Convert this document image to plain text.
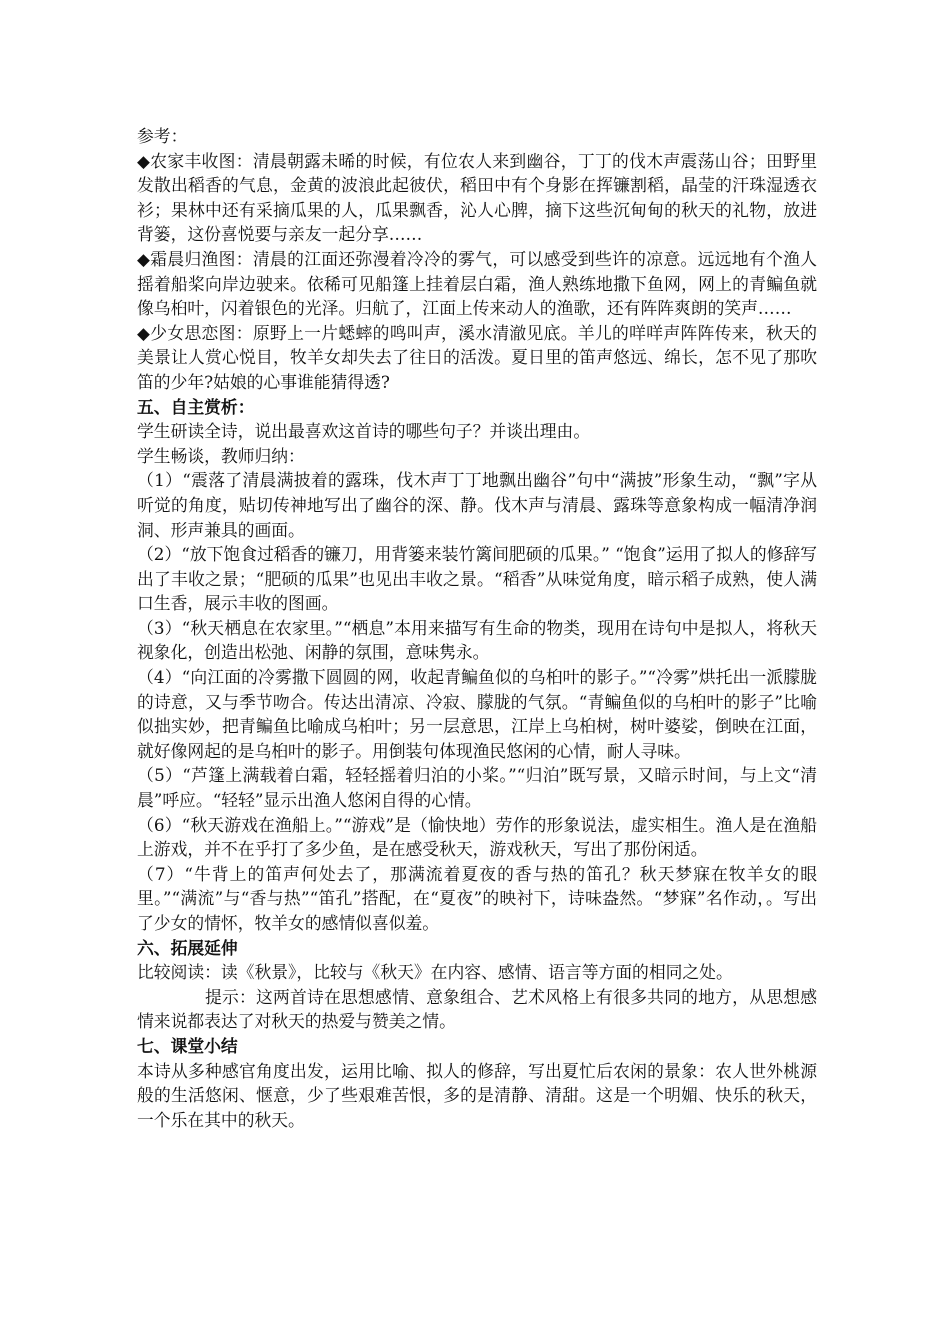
参考：

◆农家丰收图：清晨朝露未晞的时候，有位农人来到幽谷，丁丁的伐木声震荡山谷；田野里发散出稻香的气息，金黄的波浪此起彼伏，稻田中有个身影在挥镰割稻，晶莹的汗珠湿透衣衫；果林中还有采摘瓜果的人，瓜果飘香，沁人心脾，摘下这些沉甸甸的秋天的礼物，放进背篓，这份喜悦要与亲友一起分享……

◆霜晨归渔图：清晨的江面还弥漫着冷冷的雾气，可以感受到些许的凉意。远远地有个渔人摇着船桨向岸边驶来。依稀可见船篷上挂着层白霜，渔人熟练地撒下鱼网，网上的青鳊鱼就像乌桕叶，闪着银色的光泽。归航了，江面上传来动人的渔歌，还有阵阵爽朗的笑声……

◆少女思恋图：原野上一片蟋蟀的鸣叫声，溪水清澈见底。羊儿的咩咩声阵阵传来，秋天的美景让人赏心悦目，牧羊女却失去了往日的活泼。夏日里的笛声悠远、绵长，怎不见了那吹笛的少年?姑娘的心事谁能猜得透?

五、自主赏析：

学生研读全诗，说出最喜欢这首诗的哪些句子？并谈出理由。

学生畅谈，教师归纳：

（1）“震落了清晨满披着的露珠，伐木声丁丁地飘出幽谷”句中“满披”形象生动，“飘”字从听觉的角度，贴切传神地写出了幽谷的深、静。伐木声与清晨、露珠等意象构成一幅清净润洞、形声兼具的画面。

（2）“放下饱食过稻香的镰刀，用背篓来装竹篱间肥硕的瓜果。” “饱食”运用了拟人的修辞写出了丰收之景；“肥硕的瓜果”也见出丰收之景。“稻香”从味觉角度，暗示稻子成熟，使人满口生香，展示丰收的图画。

（3）“秋天栖息在农家里。”“栖息”本用来描写有生命的物类，现用在诗句中是拟人，将秋天视象化，创造出松弛、闲静的氛围，意味隽永。

（4）“向江面的冷雾撒下圆圆的网，收起青鳊鱼似的乌桕叶的影子。”“冷雾”烘托出一派朦胧的诗意，又与季节吻合。传达出清凉、冷寂、朦胧的气氛。“青鳊鱼似的乌桕叶的影子”比喻似拙实妙，把青鳊鱼比喻成乌桕叶；另一层意思，江岸上乌桕树，树叶婆娑，倒映在江面，就好像网起的是乌桕叶的影子。用倒装句体现渔民悠闲的心情，耐人寻味。

（5）“芦篷上满载着白霜，轻轻摇着归泊的小桨。”“归泊”既写景，又暗示时间，与上文“清晨”呼应。“轻轻”显示出渔人悠闲自得的心情。

（6）“秋天游戏在渔船上。”“游戏”是（愉快地）劳作的形象说法，虚实相生。渔人是在渔船上游戏，并不在乎打了多少鱼，是在感受秋天，游戏秋天，写出了那份闲适。

（7）“牛背上的笛声何处去了，那满流着夏夜的香与热的笛孔？秋天梦寐在牧羊女的眼里。”“满流”与“香与热”“笛孔”搭配，在“夏夜”的映衬下，诗味盎然。“梦寐”名作动，。写出了少女的情怀，牧羊女的感情似喜似羞。

六、拓展延伸

比较阅读：读《秋景》，比较与《秋天》在内容、感情、语言等方面的相同之处。

提示：这两首诗在思想感情、意象组合、艺术风格上有很多共同的地方，从思想感情来说都表达了对秋天的热爱与赞美之情。

七、课堂小结

本诗从多种感官角度出发，运用比喻、拟人的修辞，写出夏忙后农闲的景象：农人世外桃源般的生活悠闲、惬意，少了些艰难苦恨，多的是清静、清甜。这是一个明媚、快乐的秋天，一个乐在其中的秋天。
